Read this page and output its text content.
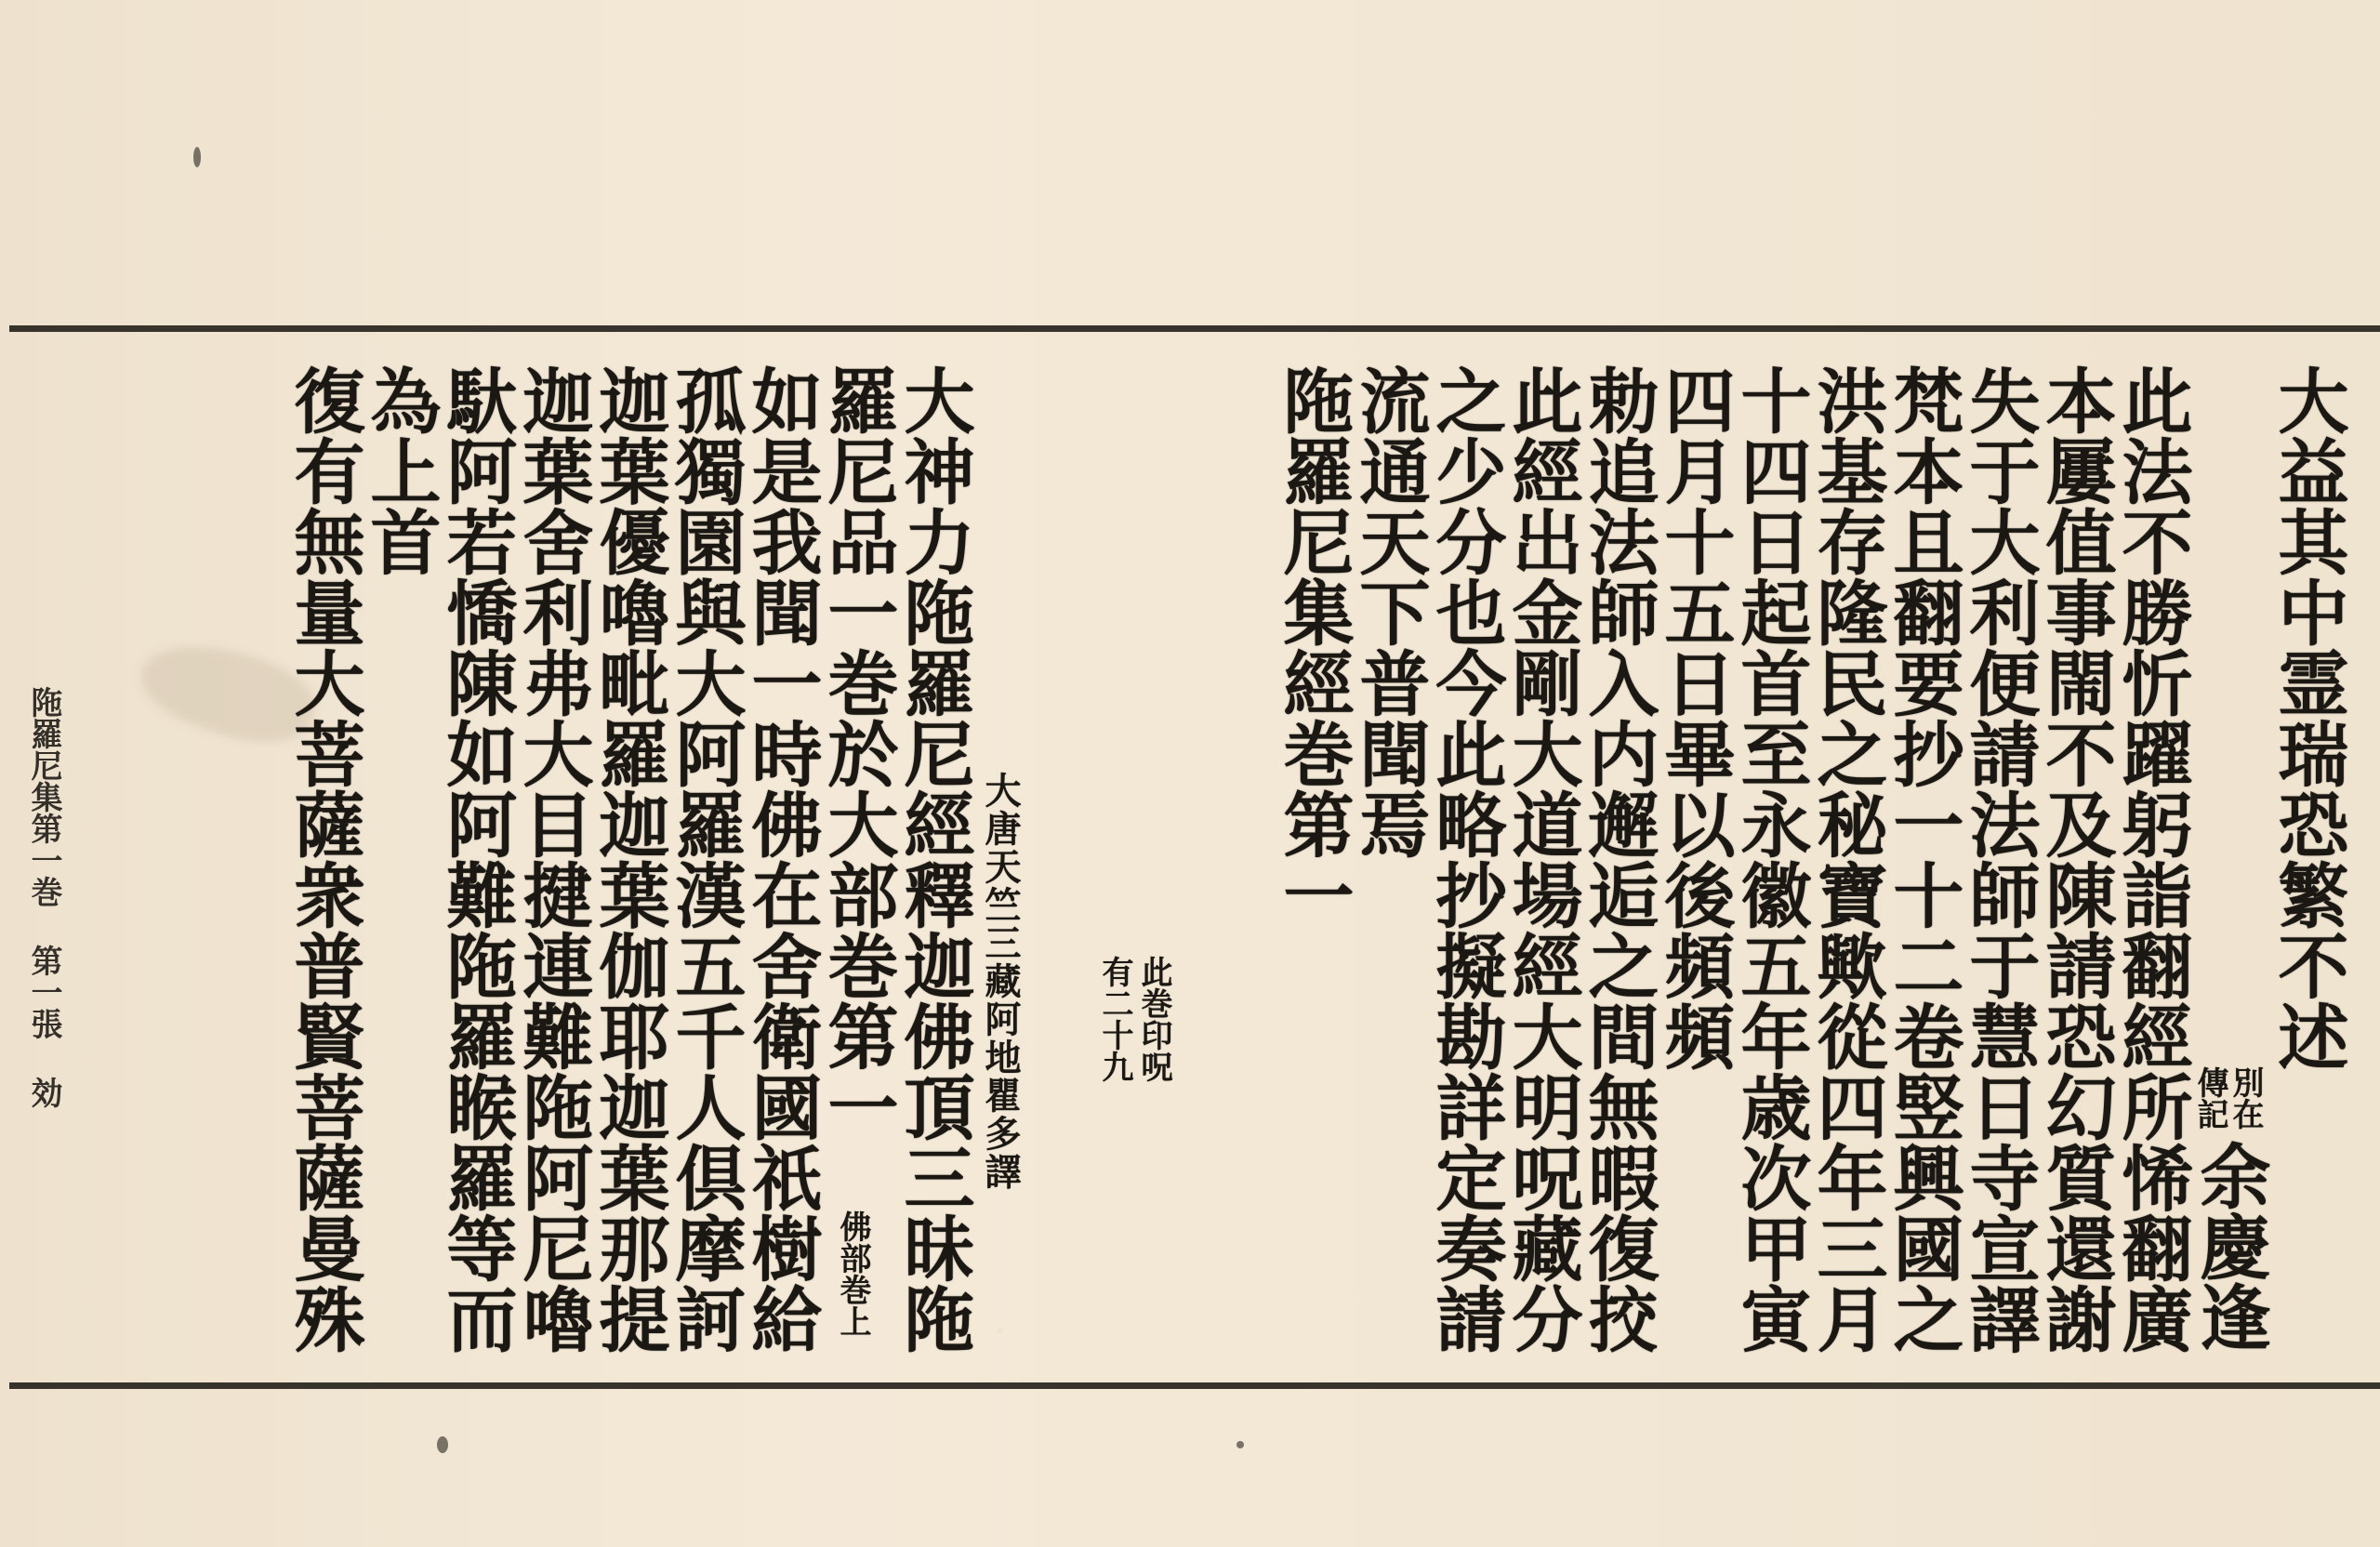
大益其中霊瑞恐繁不述
別在
傳記
余慶逢
此法不勝忻躍躬詣翻經所悕翻廣
本屢值事閙不及陳請恐幻質還謝
失于大利便請法師于慧日寺宣譯
梵本且翻要抄一十二卷竪興國之
洪基存隆民之秘寶歟從四年三月
十四日起首至永徽五年歳次甲寅
四月十五日畢以後頻頻
勅追法師入内邂逅之間無暇復挍
此經出金剛大道場經大明呪藏分
之少分也今此略抄擬勘詳定奏請
流通天下普聞焉
陁羅尼集經巻第一
此巻印呪
有二十九
大唐天竺三藏阿地瞿多譯
大神力陁羅尼經釋迦佛頂三昧陁
羅尼品一巻於大部巻第一
佛部巻上
如是我聞一時佛在舍衛國祇樹給
孤獨園與大阿羅漢五千人倶摩訶
迦葉優嚕毗羅迦葉伽耶迦葉那提
迦葉舍利弗大目揵連難陁阿尼嚕
馱阿若憍陳如阿難陁羅睺羅等而
為上首
復有無量大菩薩衆普賢菩薩曼殊
陁羅尼集第一巻 第一張 効
